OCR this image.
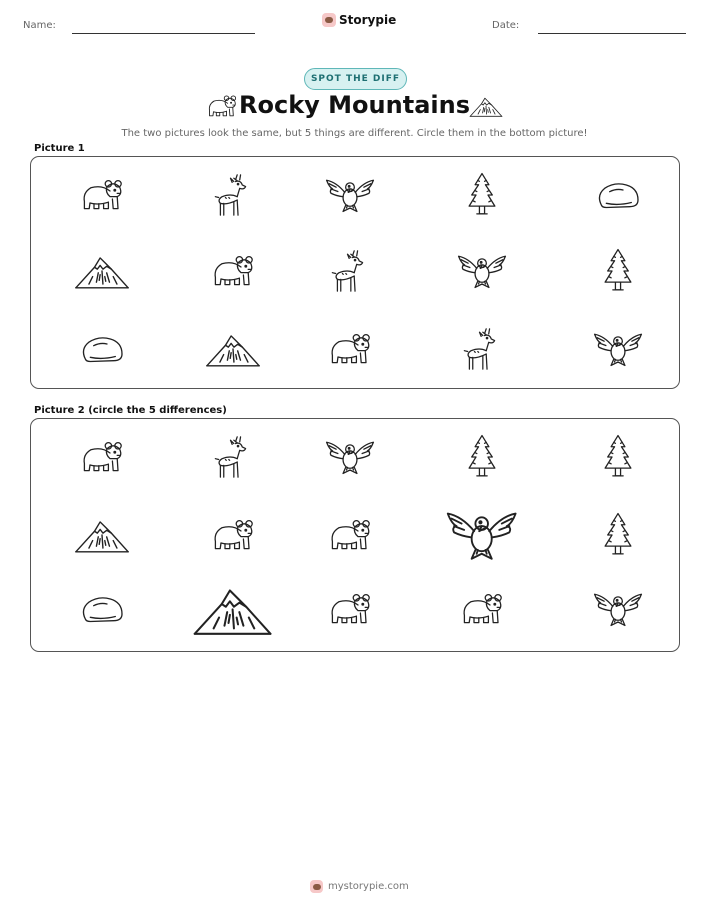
Name:	Storypie	Date:
SPOT THE DIFF
Rocky Mountains
The two pictures look the same, but 5 things are different. Circle them in the bottom picture!
Picture 1
Picture 2 (circle the 5 differences)
mystorypie.com
